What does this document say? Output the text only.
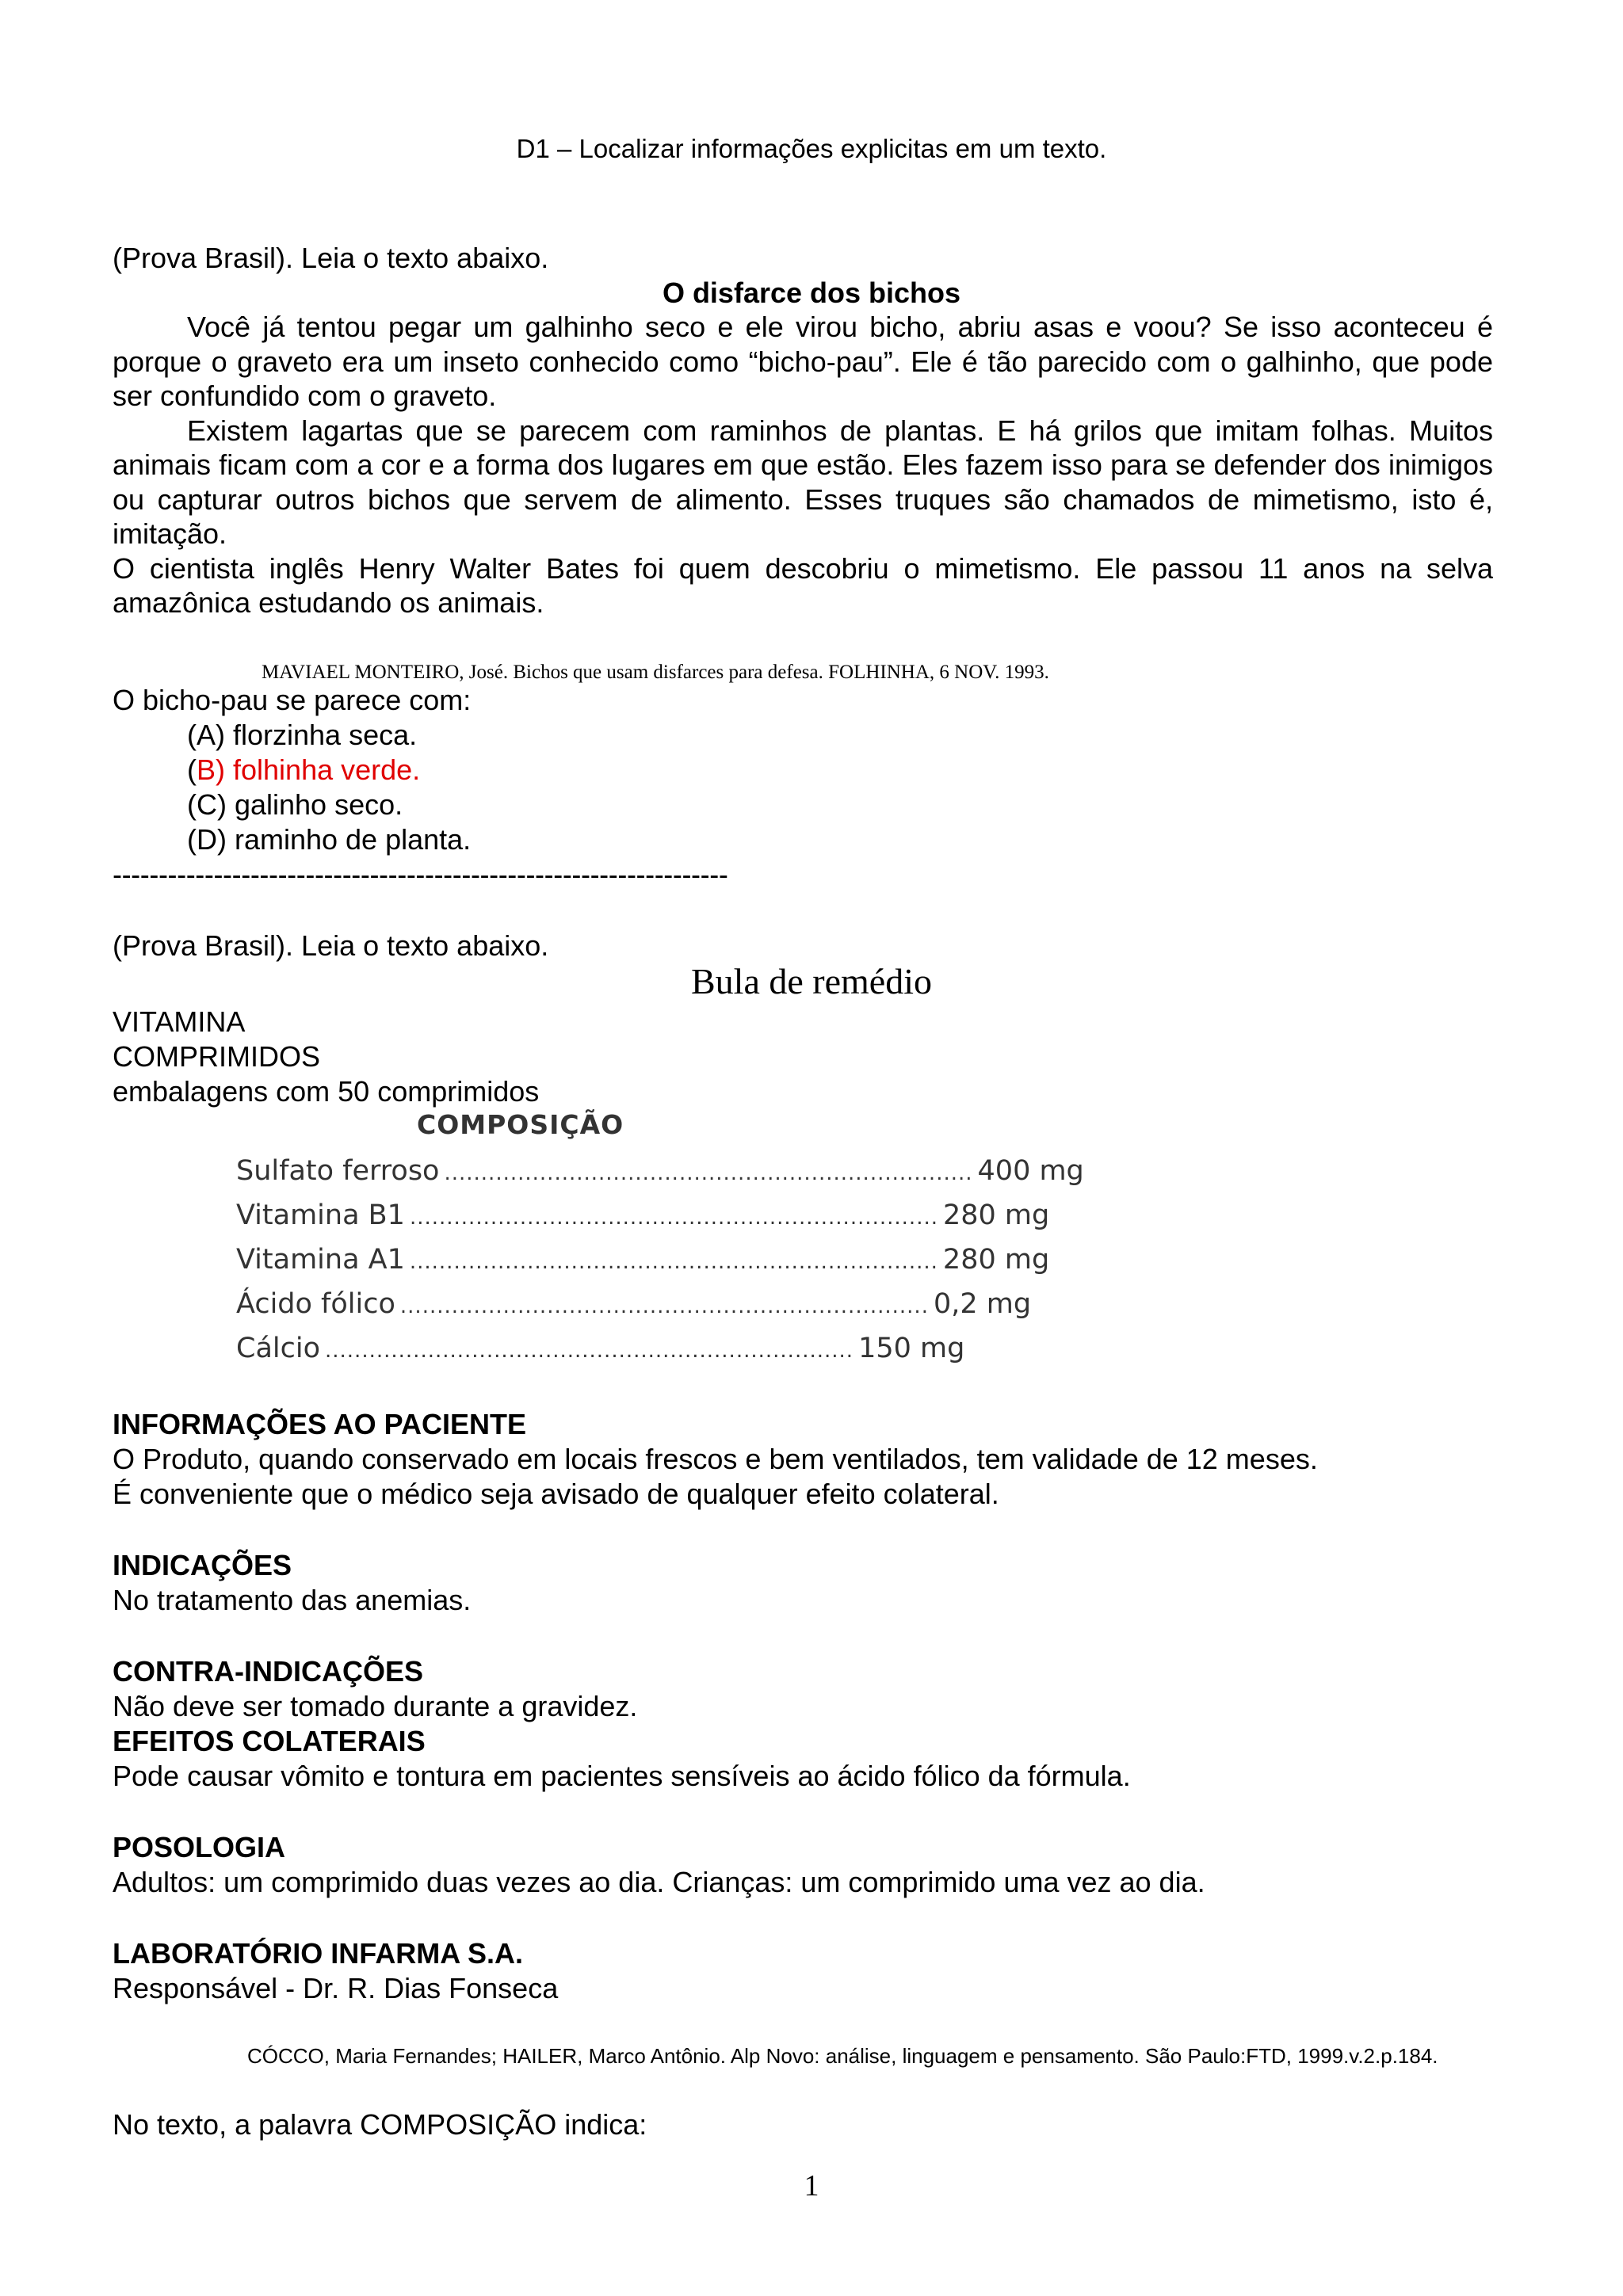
D1 – Localizar informações explicitas em um texto.
(Prova Brasil). Leia o texto abaixo.
O disfarce dos bichos

Você já tentou pegar um galhinho seco e ele virou bicho, abriu asas e voou? Se isso aconteceu é porque o graveto era um inseto conhecido como “bicho-pau”. Ele é tão parecido com o galhinho, que pode ser confundido com o graveto.

Existem lagartas que se parecem com raminhos de plantas. E há grilos que imitam folhas. Muitos animais ficam com a cor e a forma dos lugares em que estão. Eles fazem isso para se defender dos inimigos ou capturar outros bichos que servem de alimento. Esses truques são chamados de mimetismo, isto é, imitação.

O cientista inglês Henry Walter Bates foi quem descobriu o mimetismo. Ele passou 11 anos na selva amazônica estudando os animais.

MAVIAEL MONTEIRO, José. Bichos que usam disfarces para defesa. FOLHINHA, 6 NOV. 1993.
O bicho-pau se parece com:
(A) florzinha seca.
(B) folhinha verde.
(C) galinho seco.
(D) raminho de planta.
-------------------------------------------------------------------
(Prova Brasil). Leia o texto abaixo.
Bula de remédio
VITAMINA
COMPRIMIDOS
embalagens com 50 comprimidos
COMPOSIÇÃO
Sulfato ferroso ........................................................................ 400 mg
Vitamina B1 ........................................................................ 280 mg
Vitamina A1 ........................................................................ 280 mg
Ácido fólico ........................................................................ 0,2 mg
Cálcio ........................................................................ 150 mg
INFORMAÇÕES AO PACIENTE
O Produto, quando conservado em locais frescos e bem ventilados, tem validade de 12 meses.
É conveniente que o médico seja avisado de qualquer efeito colateral.
INDICAÇÕES
No tratamento das anemias.
CONTRA-INDICAÇÕES
Não deve ser tomado durante a gravidez.
EFEITOS COLATERAIS
Pode causar vômito e tontura em pacientes sensíveis ao ácido fólico da fórmula.
POSOLOGIA
Adultos: um comprimido duas vezes ao dia. Crianças: um comprimido uma vez ao dia.
LABORATÓRIO INFARMA S.A.
Responsável - Dr. R. Dias Fonseca
CÓCCO, Maria Fernandes; HAILER, Marco Antônio. Alp Novo: análise, linguagem e pensamento. São Paulo:FTD, 1999.v.2.p.184.
No texto, a palavra COMPOSIÇÃO indica:
1
